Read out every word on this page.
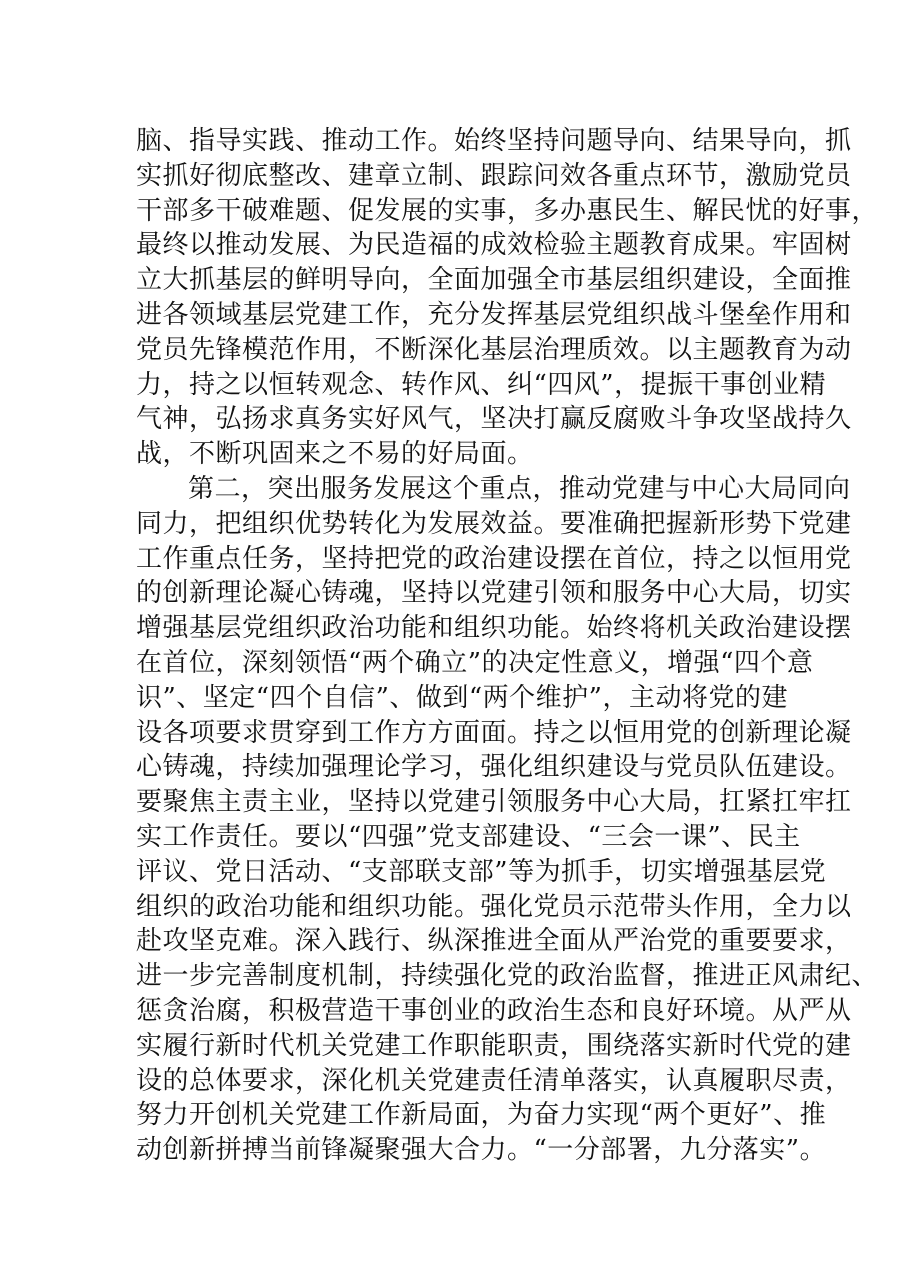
脑、指导实践、推动工作。始终坚持问题导向、结果导向，抓
实抓好彻底整改、建章立制、跟踪问效各重点环节，激励党员
干部多干破难题、促发展的实事，多办惠民生、解民忧的好事，
最终以推动发展、为民造福的成效检验主题教育成果。牢固树
立大抓基层的鲜明导向，全面加强全市基层组织建设，全面推
进各领域基层党建工作，充分发挥基层党组织战斗堡垒作用和
党员先锋模范作用，不断深化基层治理质效。以主题教育为动
力，持之以恒转观念、转作风、纠“四风”，提振干事创业精
气神，弘扬求真务实好风气，坚决打赢反腐败斗争攻坚战持久
战，不断巩固来之不易的好局面。
第二，突出服务发展这个重点，推动党建与中心大局同向
同力，把组织优势转化为发展效益。要准确把握新形势下党建
工作重点任务，坚持把党的政治建设摆在首位，持之以恒用党
的创新理论凝心铸魂，坚持以党建引领和服务中心大局，切实
增强基层党组织政治功能和组织功能。始终将机关政治建设摆
在首位，深刻领悟“两个确立”的决定性意义，增强“四个意
识”、坚定“四个自信”、做到“两个维护”，主动将党的建
设各项要求贯穿到工作方方面面。持之以恒用党的创新理论凝
心铸魂，持续加强理论学习，强化组织建设与党员队伍建设。
要聚焦主责主业，坚持以党建引领服务中心大局，扛紧扛牢扛
实工作责任。要以“四强”党支部建设、“三会一课”、民主
评议、党日活动、“支部联支部”等为抓手，切实增强基层党
组织的政治功能和组织功能。强化党员示范带头作用，全力以
赴攻坚克难。深入践行、纵深推进全面从严治党的重要要求，
进一步完善制度机制，持续强化党的政治监督，推进正风肃纪、
惩贪治腐，积极营造干事创业的政治生态和良好环境。从严从
实履行新时代机关党建工作职能职责，围绕落实新时代党的建
设的总体要求，深化机关党建责任清单落实，认真履职尽责，
努力开创机关党建工作新局面，为奋力实现“两个更好”、推
动创新拼搏当前锋凝聚强大合力。“一分部署，九分落实”。
